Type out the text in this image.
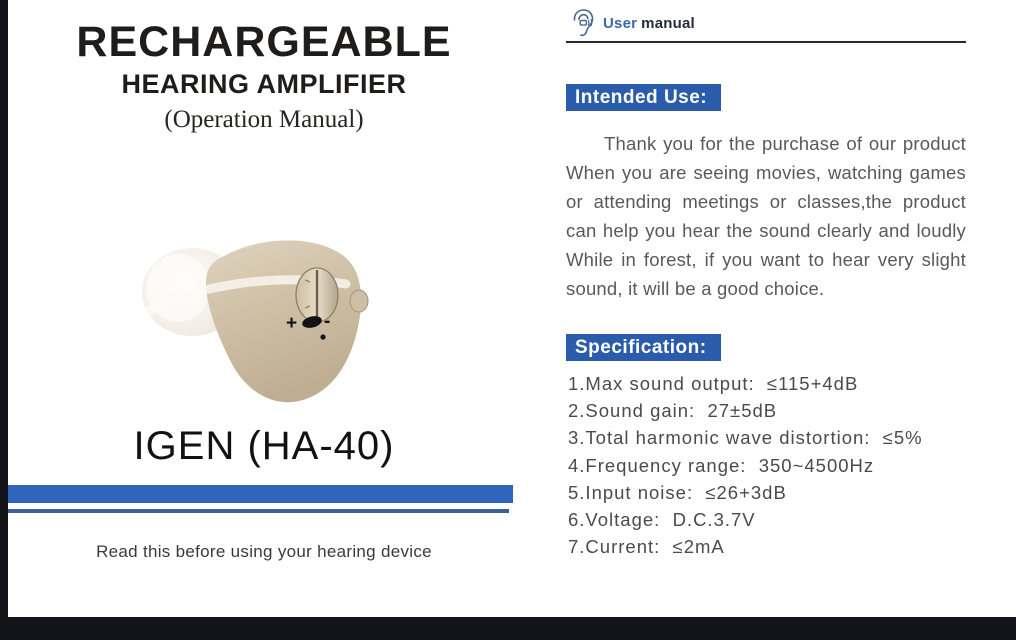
RECHARGEABLE
HEARING AMPLIFIER
(Operation Manual)
+ -
IGEN (HA-40)
Read this before using your hearing device
User manual
Intended Use:
Thank you for the purchase of our product
When you are seeing movies, watching games
or attending meetings or classes,the product
can help you hear the sound clearly and loudly
While in forest, if you want to hear very slight
sound, it will be a good choice.
Specification:
1.Max sound output:  ≤115+4dB
2.Sound gain:  27±5dB
3.Total harmonic wave distortion:  ≤5%
4.Frequency range:  350~4500Hz
5.Input noise:  ≤26+3dB
6.Voltage:  D.C.3.7V
7.Current:  ≤2mA
